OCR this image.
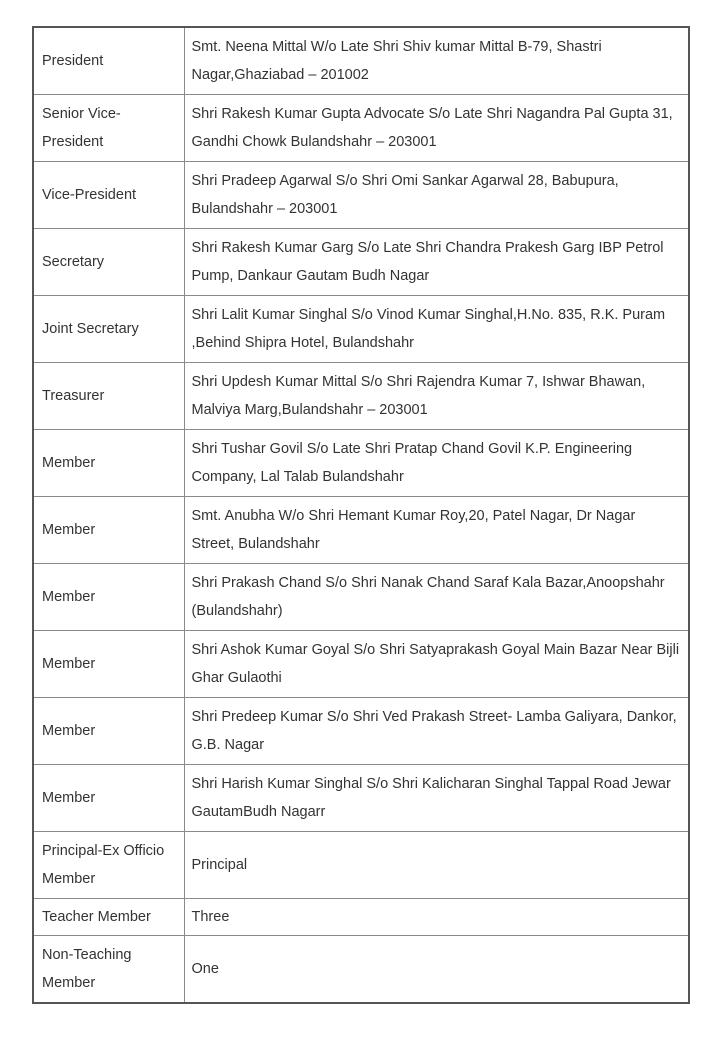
President	Smt. Neena Mittal W/o Late Shri Shiv kumar Mittal B-79, Shastri Nagar,Ghaziabad – 201002
Senior Vice-President	Shri Rakesh Kumar Gupta Advocate S/o Late Shri Nagandra Pal Gupta 31, Gandhi Chowk Bulandshahr – 203001
Vice-President	Shri Pradeep Agarwal S/o Shri Omi Sankar Agarwal 28, Babupura, Bulandshahr – 203001
Secretary	Shri Rakesh Kumar Garg S/o Late Shri Chandra Prakesh Garg IBP Petrol Pump, Dankaur Gautam Budh Nagar
Joint Secretary	Shri Lalit Kumar Singhal S/o Vinod Kumar Singhal,H.No. 835, R.K. Puram ,Behind Shipra Hotel, Bulandshahr
Treasurer	Shri Updesh Kumar Mittal S/o Shri Rajendra Kumar 7, Ishwar Bhawan, Malviya Marg,Bulandshahr – 203001
Member	Shri Tushar Govil S/o Late Shri Pratap Chand Govil K.P. Engineering Company, Lal Talab Bulandshahr
Member	Smt. Anubha W/o Shri Hemant Kumar Roy,20, Patel Nagar, Dr Nagar Street, Bulandshahr
Member	Shri Prakash Chand S/o Shri Nanak Chand Saraf Kala Bazar,Anoopshahr (Bulandshahr)
Member	Shri Ashok Kumar Goyal S/o Shri Satyaprakash Goyal Main Bazar Near Bijli Ghar Gulaothi
Member	Shri Predeep Kumar S/o Shri Ved Prakash Street- Lamba Galiyara, Dankor, G.B. Nagar
Member	Shri Harish Kumar Singhal S/o Shri Kalicharan Singhal Tappal Road Jewar GautamBudh Nagarr
Principal-Ex Officio Member	Principal
Teacher Member	Three
Non-Teaching Member	One
